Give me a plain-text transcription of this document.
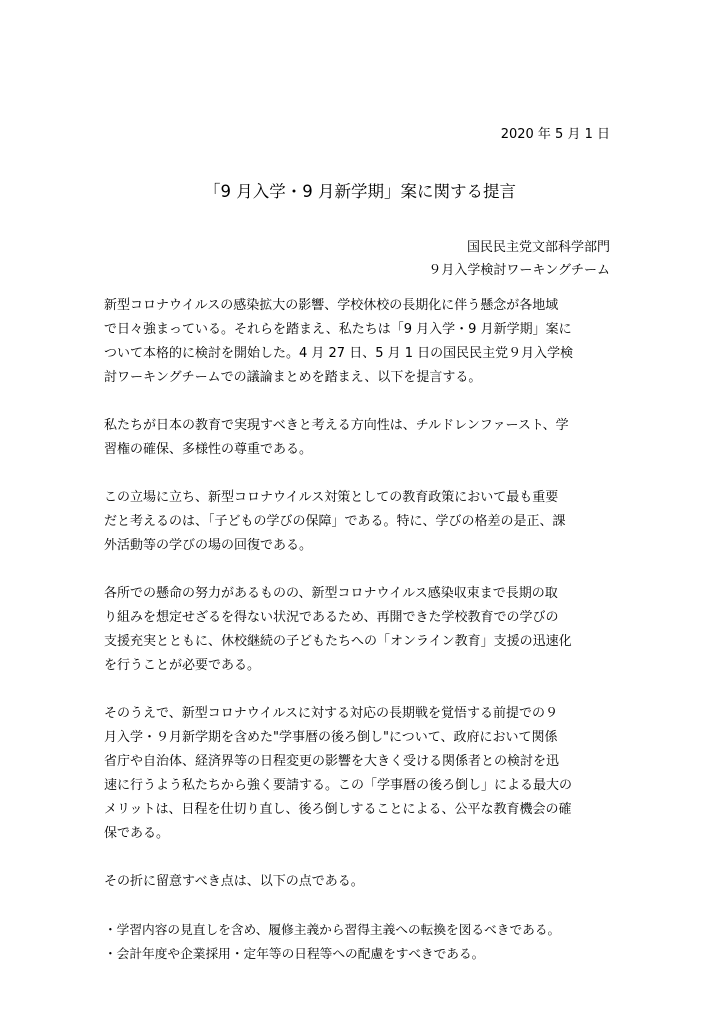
2020 年 5 月 1 日
「9 月入学・9 月新学期」案に関する提言
国民民主党文部科学部門
９月入学検討ワーキングチーム

新型コロナウイルスの感染拡大の影響、学校休校の長期化に伴う懸念が各地域
で日々強まっている。それらを踏まえ、私たちは「9 月入学・9 月新学期」案に
ついて本格的に検討を開始した。4 月 27 日、5 月 1 日の国民民主党９月入学検
討ワーキングチームでの議論まとめを踏まえ、以下を提言する。

私たちが日本の教育で実現すべきと考える方向性は、チルドレンファースト、学
習権の確保、多様性の尊重である。

この立場に立ち、新型コロナウイルス対策としての教育政策において最も重要
だと考えるのは、「子どもの学びの保障」である。特に、学びの格差の是正、課
外活動等の学びの場の回復である。

各所での懸命の努力があるものの、新型コロナウイルス感染収束まで長期の取
り組みを想定せざるを得ない状況であるため、再開できた学校教育での学びの
支援充実とともに、休校継続の子どもたちへの「オンライン教育」支援の迅速化
を行うことが必要である。

そのうえで、新型コロナウイルスに対する対応の長期戦を覚悟する前提での９
月入学・９月新学期を含めた"学事暦の後ろ倒し"について、政府において関係
省庁や自治体、経済界等の日程変更の影響を大きく受ける関係者との検討を迅
速に行うよう私たちから強く要請する。この「学事暦の後ろ倒し」による最大の
メリットは、日程を仕切り直し、後ろ倒しすることによる、公平な教育機会の確
保である。

その折に留意すべき点は、以下の点である。

・学習内容の見直しを含め、履修主義から習得主義への転換を図るべきである。
・会計年度や企業採用・定年等の日程等への配慮をすべきである。
